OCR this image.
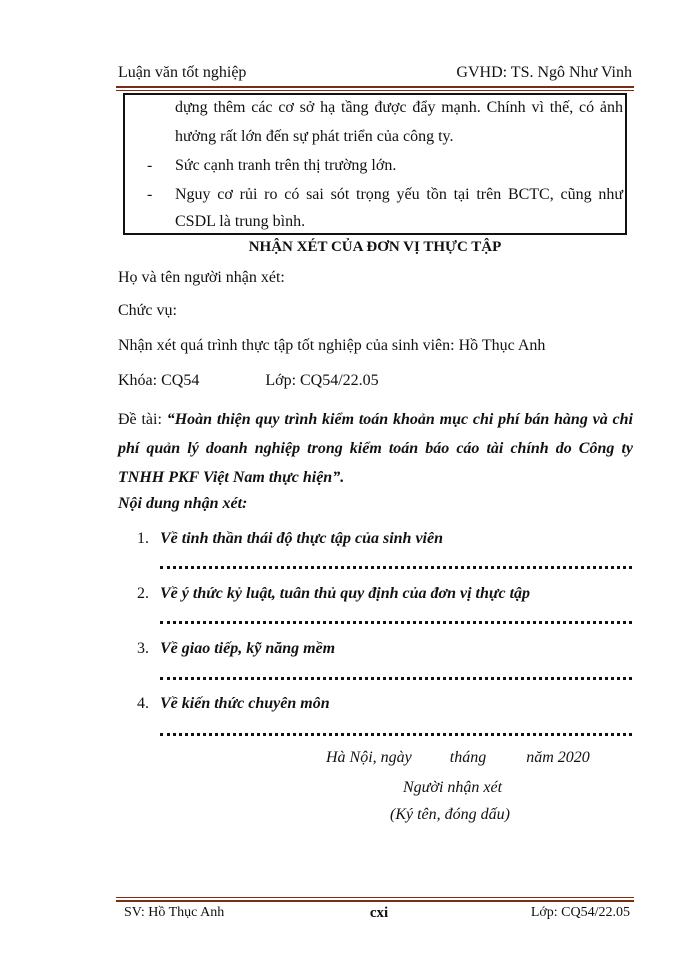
Luận văn tốt nghiệp	GVHD: TS. Ngô Như Vinh
dựng thêm các cơ sở hạ tầng được đẩy mạnh. Chính vì thế, có ảnh
hưởng rất lớn đến sự phát triển của công ty.
- Sức cạnh tranh trên thị trường lớn.
- Nguy cơ rủi ro có sai sót trọng yếu tồn tại trên BCTC, cũng như
CSDL là trung bình.
NHẬN XÉT CỦA ĐƠN VỊ THỰC TẬP
Họ và tên người nhận xét:
Chức vụ:
Nhận xét quá trình thực tập tốt nghiệp của sinh viên: Hồ Thục Anh
Khóa: CQ54	Lớp: CQ54/22.05
Đề tài: “Hoàn thiện quy trình kiểm toán khoản mục chi phí bán hàng và chi phí quản lý doanh nghiệp trong kiểm toán báo cáo tài chính do Công ty TNHH PKF Việt Nam thực hiện”.
Nội dung nhận xét:
1. Về tinh thần thái độ thực tập của sinh viên
2. Về ý thức kỷ luật, tuân thủ quy định của đơn vị thực tập
3. Về giao tiếp, kỹ năng mềm
4. Về kiến thức chuyên môn
Hà Nội, ngày tháng	năm 2020
Người nhận xét
(Ký tên, đóng dấu)
SV: Hồ Thục Anh	cxi	Lớp: CQ54/22.05
